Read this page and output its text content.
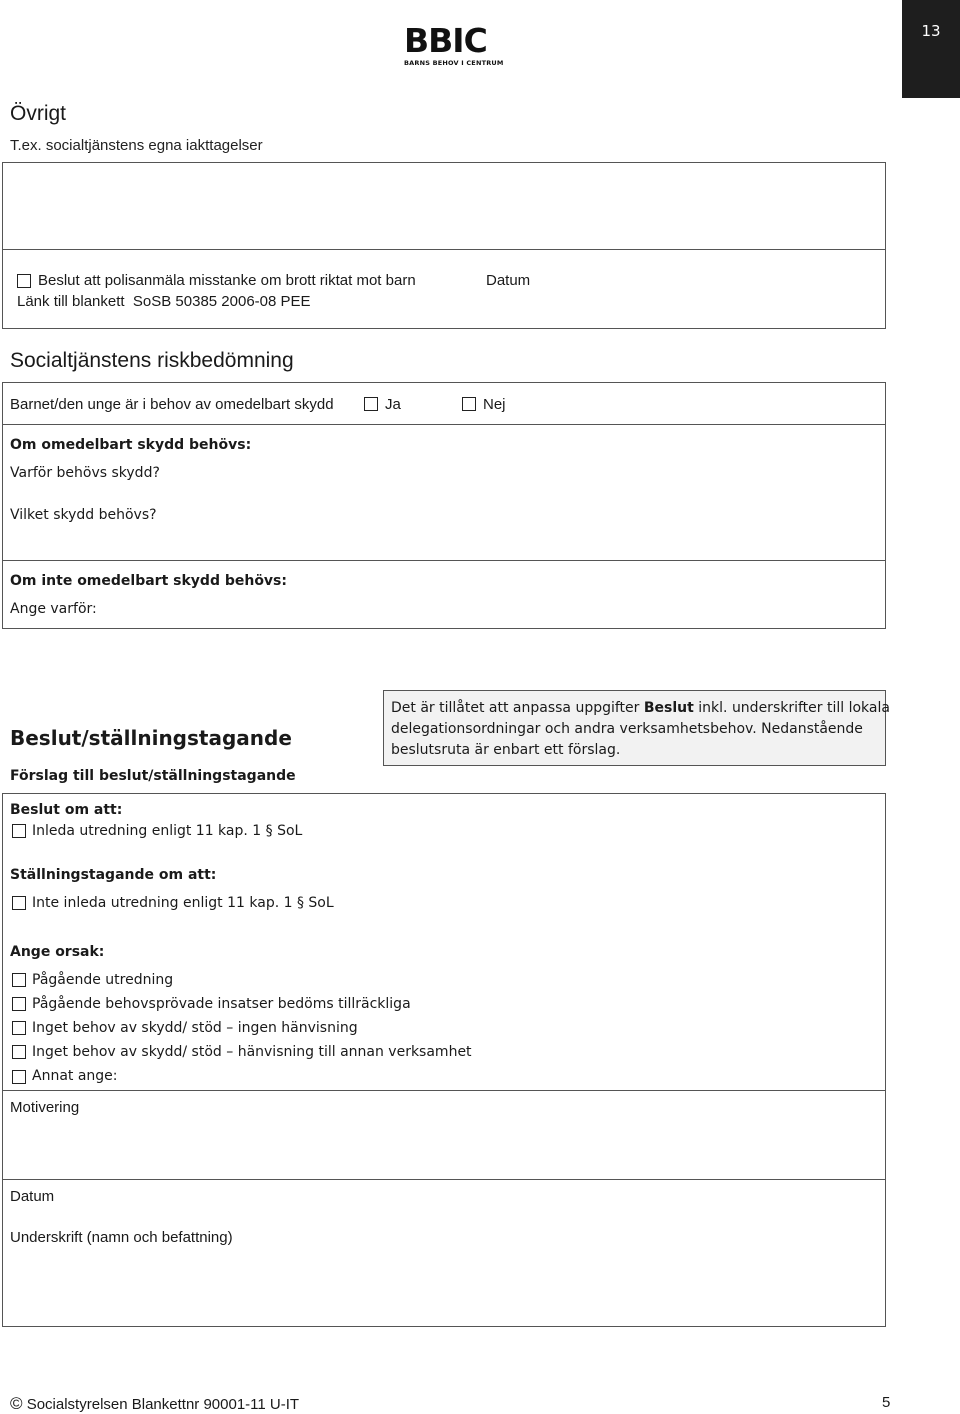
13
BBIC
BARNS BEHOV I CENTRUM
Övrigt
T.ex. socialtjänstens egna iakttagelser
Beslut att polisanmäla misstanke om brott riktat mot barn
Länk till blankett  SoSB 50385 2006-08 PEE
Datum
Socialtjänstens riskbedömning
Barnet/den unge är i behov av omedelbart skydd	Ja	Nej
Om omedelbart skydd behövs:
Varför behövs skydd?
Vilket skydd behövs?
Om inte omedelbart skydd behövs:
Ange varför:
Beslut/ställningstagande
Förslag till beslut/ställningstagande
Det är tillåtet att anpassa uppgifter Beslut inkl. underskrifter till lokala
delegationsordningar och andra verksamhetsbehov. Nedanstående
beslutsruta är enbart ett förslag.
Beslut om att:
Inleda utredning enligt 11 kap. 1 § SoL
Ställningstagande om att:
Inte inleda utredning enligt 11 kap. 1 § SoL
Ange orsak:
Pågående utredning
Pågående behovsprövade insatser bedöms tillräckliga
Inget behov av skydd/ stöd – ingen hänvisning
Inget behov av skydd/ stöd – hänvisning till annan verksamhet
Annat ange:
Motivering
Datum
Underskrift (namn och befattning)
© Socialstyrelsen Blankettnr 90001-11 U-IT	5
